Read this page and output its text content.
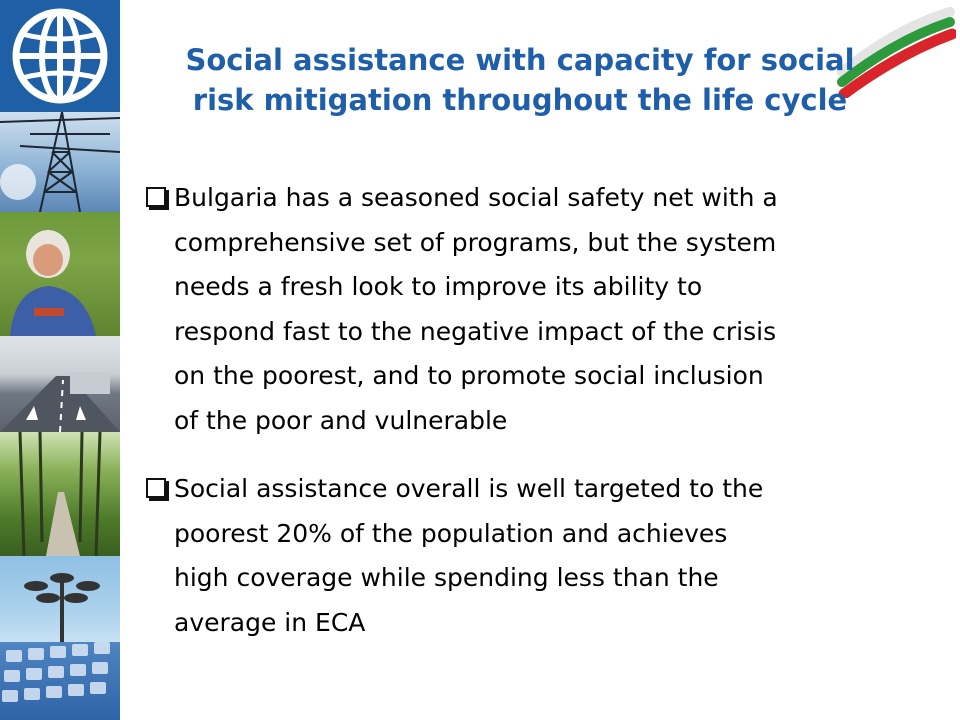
Social assistance with capacity for social
risk mitigation throughout the life cycle
Bulgaria has a seasoned social safety net with a
comprehensive set of programs, but the system
needs a fresh look to improve its ability to
respond fast to the negative impact of the crisis
on the poorest, and to promote social inclusion
of the poor and vulnerable
Social assistance overall is well targeted to the
poorest 20% of the population and achieves
high coverage while spending less than the
average in ECA
